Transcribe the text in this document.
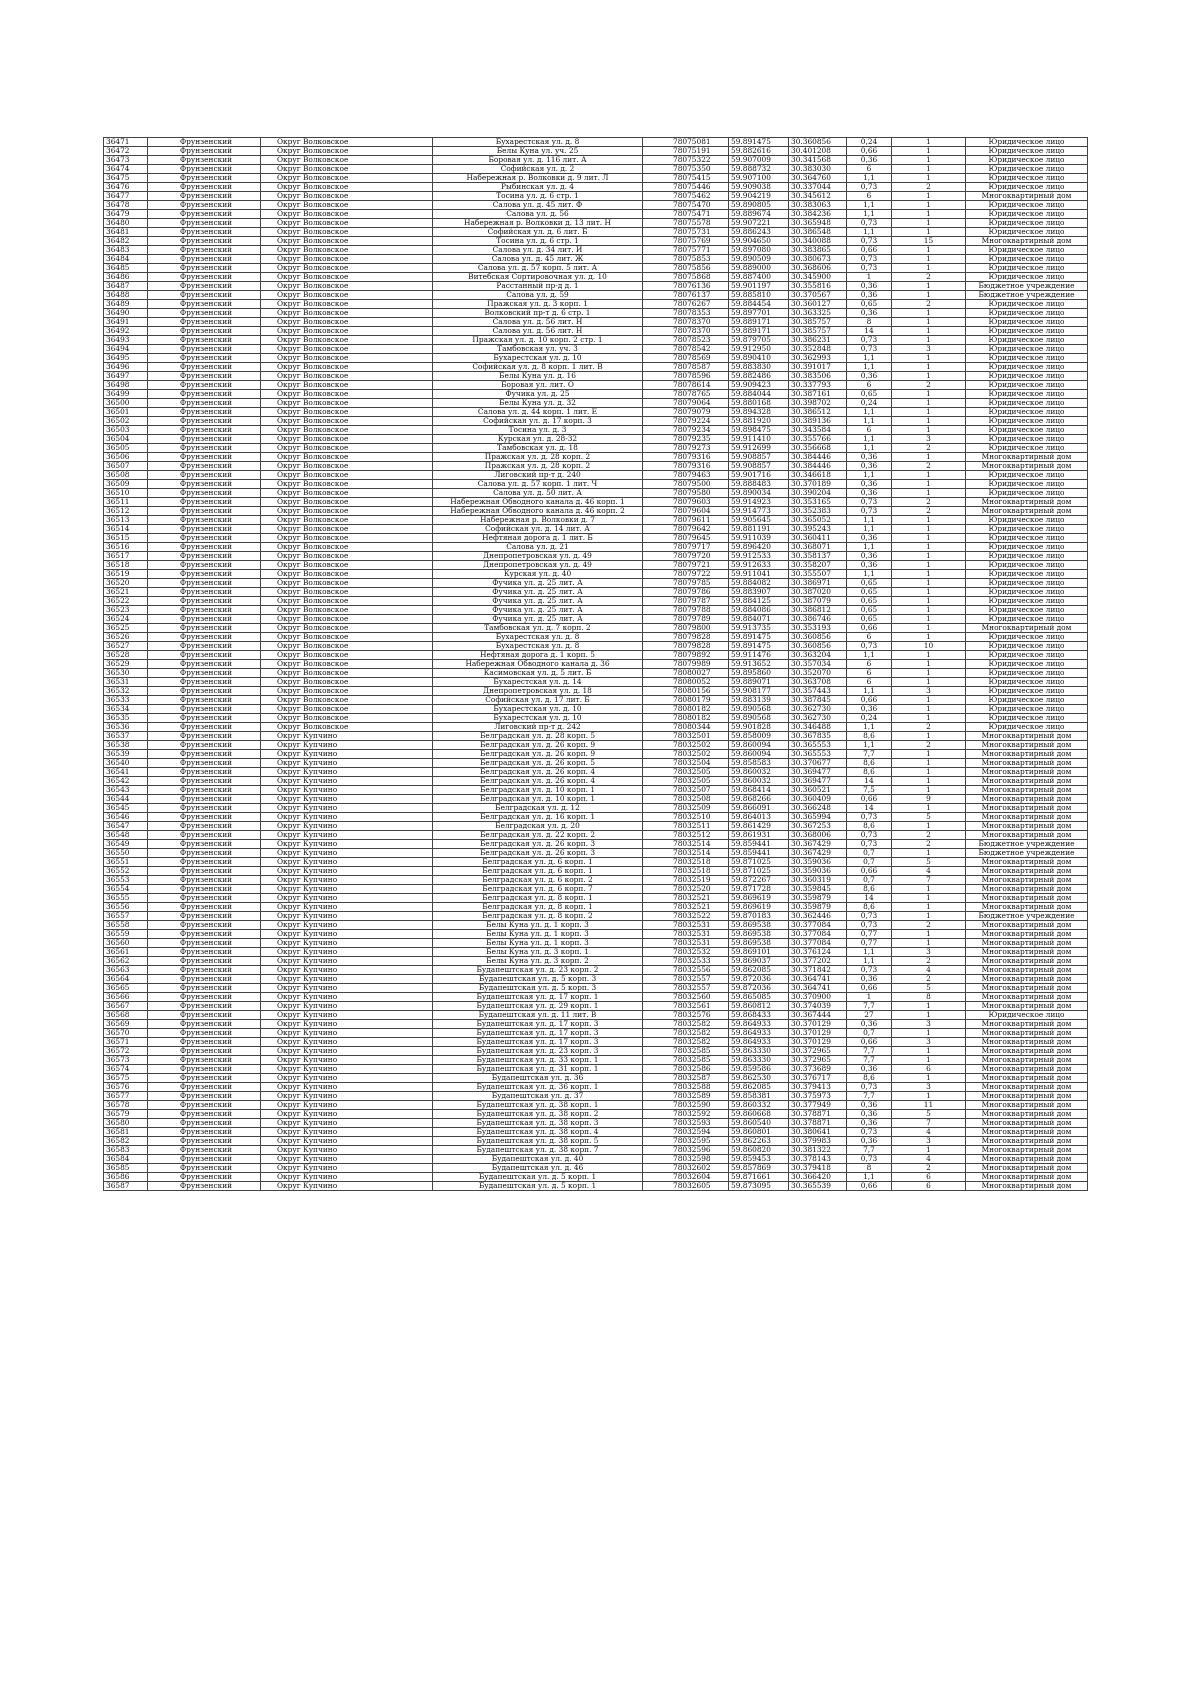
36471	Фрунзенский	Округ Волковское	Бухарестская ул. д. 8	78075081	59.891475	30.360856	0,24	1	Юридическое лицо
36472	Фрунзенский	Округ Волковское	Белы Куна ул. уч. 25	78075191	59.882616	30.401208	0,66	1	Юридическое лицо
36473	Фрунзенский	Округ Волковское	Боровая ул. д. 116 лит. А	78075322	59.907009	30.341568	0,36	1	Юридическое лицо
36474	Фрунзенский	Округ Волковское	Софийская ул. д. 2	78075350	59.888732	30.383030	6	1	Юридическое лицо
36475	Фрунзенский	Округ Волковское	Набережная р. Волковки д. 9 лит. Л	78075415	59.907100	30.364760	1,1	1	Юридическое лицо
36476	Фрунзенский	Округ Волковское	Рыбинская ул. д. 4	78075446	59.909038	30.337044	0,73	2	Юридическое лицо
36477	Фрунзенский	Округ Волковское	Тосина ул. д. 6 стр. 1	78075462	59.904219	30.345612	6	1	Многоквартирный дом
36478	Фрунзенский	Округ Волковское	Салова ул. д. 45 лит. Ф	78075470	59.890805	30.383063	1,1	1	Юридическое лицо
36479	Фрунзенский	Округ Волковское	Салова ул. д. 56	78075471	59.889674	30.384236	1,1	1	Юридическое лицо
36480	Фрунзенский	Округ Волковское	Набережная р. Волковки д. 13 лит. Н	78075578	59.907221	30.365948	0,73	1	Юридическое лицо
36481	Фрунзенский	Округ Волковское	Софийская ул. д. 6 лит. Б	78075731	59.886243	30.386548	1,1	1	Юридическое лицо
36482	Фрунзенский	Округ Волковское	Тосина ул. д. 6 стр. 1	78075769	59.904650	30.340088	0,73	15	Многоквартирный дом
36483	Фрунзенский	Округ Волковское	Салова ул. д. 34 лит. И	78075771	59.897080	30.383865	0,66	1	Юридическое лицо
36484	Фрунзенский	Округ Волковское	Салова ул. д. 45 лит. Ж	78075853	59.890509	30.380673	0,73	1	Юридическое лицо
36485	Фрунзенский	Округ Волковское	Салова ул. д. 57 корп. 5 лит. А	78075856	59.889000	30.368606	0,73	1	Юридическое лицо
36486	Фрунзенский	Округ Волковское	Витебская Сортировочная ул. д. 10	78075868	59.887400	30.345900	1	2	Юридическое лицо
36487	Фрунзенский	Округ Волковское	Расстанный пр-д д. 1	78076136	59.901197	30.355816	0,36	1	Бюджетное учреждение
36488	Фрунзенский	Округ Волковское	Салова ул. д. 59	78076137	59.885810	30.370567	0,36	1	Бюджетное учреждение
36489	Фрунзенский	Округ Волковское	Пражская ул. д. 3 корп. 1	78076267	59.884454	30.360127	0,65	2	Юридическое лицо
36490	Фрунзенский	Округ Волковское	Волковский пр-т д. 6 стр. 1	78078353	59.897701	30.363325	0,36	1	Юридическое лицо
36491	Фрунзенский	Округ Волковское	Салова ул. д. 56 лит. Н	78078370	59.889171	30.385757	8	1	Юридическое лицо
36492	Фрунзенский	Округ Волковское	Салова ул. д. 56 лит. Н	78078370	59.889171	30.385757	14	1	Юридическое лицо
36493	Фрунзенский	Округ Волковское	Пражская ул. д. 10 корп. 2 стр. 1	78078523	59.879705	30.386231	0,73	1	Юридическое лицо
36494	Фрунзенский	Округ Волковское	Тамбовская ул. уч. 3	78078542	59.912950	30.352848	0,73	3	Юридическое лицо
36495	Фрунзенский	Округ Волковское	Бухарестская ул. д. 10	78078569	59.890410	30.362993	1,1	1	Юридическое лицо
36496	Фрунзенский	Округ Волковское	Софийская ул. д. 8 корп. 1 лит. В	78078587	59.883830	30.391017	1,1	1	Юридическое лицо
36497	Фрунзенский	Округ Волковское	Белы Куна ул. д. 16	78078596	59.882486	30.383506	0,36	1	Юридическое лицо
36498	Фрунзенский	Округ Волковское	Боровая ул. лит. О	78078614	59.909423	30.337793	6	2	Юридическое лицо
36499	Фрунзенский	Округ Волковское	Фучика ул. д. 25	78078765	59.884044	30.387161	0,65	1	Юридическое лицо
36500	Фрунзенский	Округ Волковское	Белы Куна ул. д. 32	78079064	59.880168	30.398702	0,24	1	Юридическое лицо
36501	Фрунзенский	Округ Волковское	Салова ул. д. 44 корп. 1 лит. Е	78079079	59.894328	30.386512	1,1	1	Юридическое лицо
36502	Фрунзенский	Округ Волковское	Софийская ул. д. 17 корп. 3	78079224	59.881920	30.389136	1,1	1	Юридическое лицо
36503	Фрунзенский	Округ Волковское	Тосина ул. д. 3	78079234	59.898475	30.343584	6	1	Юридическое лицо
36504	Фрунзенский	Округ Волковское	Курская ул. д. 28-32	78079235	59.911410	30.355766	1,1	3	Юридическое лицо
36505	Фрунзенский	Округ Волковское	Тамбовская ул. д. 18	78079273	59.912699	30.356668	1,1	2	Юридическое лицо
36506	Фрунзенский	Округ Волковское	Пражская ул. д. 28 корп. 2	78079316	59.908857	30.384446	0,36	1	Многоквартирный дом
36507	Фрунзенский	Округ Волковское	Пражская ул. д. 28 корп. 2	78079316	59.908857	30.384446	0,36	2	Многоквартирный дом
36508	Фрунзенский	Округ Волковское	Лиговский пр-т д. 240	78079463	59.901716	30.346618	1,1	1	Юридическое лицо
36509	Фрунзенский	Округ Волковское	Салова ул. д. 57 корп. 1 лит. Ч	78079500	59.888483	30.370189	0,36	1	Юридическое лицо
36510	Фрунзенский	Округ Волковское	Салова ул. д. 50 лит. А	78079580	59.890034	30.390204	0,36	1	Юридическое лицо
36511	Фрунзенский	Округ Волковское	Набережная Обводного канала д. 46 корп. 1	78079603	59.914923	30.353165	0,73	2	Многоквартирный дом
36512	Фрунзенский	Округ Волковское	Набережная Обводного канала д. 46 корп. 2	78079604	59.914773	30.352383	0,73	2	Многоквартирный дом
36513	Фрунзенский	Округ Волковское	Набережная р. Волковки д. 7	78079611	59.905645	30.365052	1,1	1	Юридическое лицо
36514	Фрунзенский	Округ Волковское	Софийская ул. д. 14 лит. А	78079642	59.881191	30.395243	1,1	1	Юридическое лицо
36515	Фрунзенский	Округ Волковское	Нефтяная дорога д. 1 лит. Б	78079645	59.911039	30.360411	0,36	1	Юридическое лицо
36516	Фрунзенский	Округ Волковское	Салова ул. д. 21	78079717	59.896420	30.368071	1,1	1	Юридическое лицо
36517	Фрунзенский	Округ Волковское	Днепропетровская ул. д. 49	78079720	59.912533	30.358137	0,36	1	Юридическое лицо
36518	Фрунзенский	Округ Волковское	Днепропетровская ул. д. 49	78079721	59.912633	30.358207	0,36	1	Юридическое лицо
36519	Фрунзенский	Округ Волковское	Курская ул. д. 40	78079722	59.911041	30.355507	1,1	1	Юридическое лицо
36520	Фрунзенский	Округ Волковское	Фучика ул. д. 25 лит. А	78079785	59.884082	30.386971	0,65	1	Юридическое лицо
36521	Фрунзенский	Округ Волковское	Фучика ул. д. 25 лит. А	78079786	59.883907	30.387020	0,65	1	Юридическое лицо
36522	Фрунзенский	Округ Волковское	Фучика ул. д. 25 лит. А	78079787	59.884125	30.387079	0,65	1	Юридическое лицо
36523	Фрунзенский	Округ Волковское	Фучика ул. д. 25 лит. А	78079788	59.884086	30.386812	0,65	1	Юридическое лицо
36524	Фрунзенский	Округ Волковское	Фучика ул. д. 25 лит. А	78079789	59.884071	30.386746	0,65	1	Юридическое лицо
36525	Фрунзенский	Округ Волковское	Тамбовская ул. д. 7 корп. 2	78079800	59.913735	30.353193	0,66	1	Многоквартирный дом
36526	Фрунзенский	Округ Волковское	Бухарестская ул. д. 8	78079828	59.891475	30.360856	6	1	Юридическое лицо
36527	Фрунзенский	Округ Волковское	Бухарестская ул. д. 8	78079828	59.891475	30.360856	0,73	10	Юридическое лицо
36528	Фрунзенский	Округ Волковское	Нефтяная дорога д. 1 корп. 5	78079892	59.911476	30.363204	1,1	1	Юридическое лицо
36529	Фрунзенский	Округ Волковское	Набережная Обводного канала д. 36	78079989	59.913652	30.357034	6	1	Юридическое лицо
36530	Фрунзенский	Округ Волковское	Касимовская ул. д. 5 лит. Б	78080027	59.895860	30.352070	6	1	Юридическое лицо
36531	Фрунзенский	Округ Волковское	Бухарестская ул. д. 14	78080052	59.889071	30.363708	6	1	Юридическое лицо
36532	Фрунзенский	Округ Волковское	Днепропетровская ул. д. 18	78080156	59.908177	30.357443	1,1	3	Юридическое лицо
36533	Фрунзенский	Округ Волковское	Софийская ул. д. 17 лит. Б	78080179	59.883139	30.387845	0,66	1	Юридическое лицо
36534	Фрунзенский	Округ Волковское	Бухарестская ул. д. 10	78080182	59.890568	30.362730	0,36	1	Юридическое лицо
36535	Фрунзенский	Округ Волковское	Бухарестская ул. д. 10	78080182	59.890568	30.362730	0,24	1	Юридическое лицо
36536	Фрунзенский	Округ Волковское	Лиговский пр-т д. 242	78080344	59.901828	30.346488	1,1	2	Юридическое лицо
36537	Фрунзенский	Округ Купчино	Белградская ул. д. 28 корп. 5	78032501	59.858009	30.367835	8,6	1	Многоквартирный дом
36538	Фрунзенский	Округ Купчино	Белградская ул. д. 26 корп. 9	78032502	59.860094	30.365553	1,1	2	Многоквартирный дом
36539	Фрунзенский	Округ Купчино	Белградская ул. д. 26 корп. 9	78032502	59.860094	30.365553	7,7	1	Многоквартирный дом
36540	Фрунзенский	Округ Купчино	Белградская ул. д. 26 корп. 5	78032504	59.858583	30.370677	8,6	1	Многоквартирный дом
36541	Фрунзенский	Округ Купчино	Белградская ул. д. 26 корп. 4	78032505	59.860032	30.369477	8,6	1	Многоквартирный дом
36542	Фрунзенский	Округ Купчино	Белградская ул. д. 26 корп. 4	78032505	59.860032	30.369477	14	1	Многоквартирный дом
36543	Фрунзенский	Округ Купчино	Белградская ул. д. 10 корп. 1	78032507	59.868414	30.360521	7,5	1	Многоквартирный дом
36544	Фрунзенский	Округ Купчино	Белградская ул. д. 10 корп. 1	78032508	59.868266	30.360409	0,66	9	Многоквартирный дом
36545	Фрунзенский	Округ Купчино	Белградская ул. д. 12	78032509	59.866091	30.366248	14	1	Многоквартирный дом
36546	Фрунзенский	Округ Купчино	Белградская ул. д. 16 корп. 1	78032510	59.864013	30.365994	0,73	5	Многоквартирный дом
36547	Фрунзенский	Округ Купчино	Белградская ул. д. 20	78032511	59.861429	30.367253	8,6	1	Многоквартирный дом
36548	Фрунзенский	Округ Купчино	Белградская ул. д. 22 корп. 2	78032512	59.861931	30.368006	0,73	2	Многоквартирный дом
36549	Фрунзенский	Округ Купчино	Белградская ул. д. 26 корп. 3	78032514	59.859441	30.367429	0,73	2	Бюджетное учреждение
36550	Фрунзенский	Округ Купчино	Белградская ул. д. 26 корп. 3	78032514	59.859441	30.367429	0,7	1	Бюджетное учреждение
36551	Фрунзенский	Округ Купчино	Белградская ул. д. 6 корп. 1	78032518	59.871025	30.359036	0,7	5	Многоквартирный дом
36552	Фрунзенский	Округ Купчино	Белградская ул. д. 6 корп. 1	78032518	59.871025	30.359036	0,66	4	Многоквартирный дом
36553	Фрунзенский	Округ Купчино	Белградская ул. д. 6 корп. 2	78032519	59.872267	30.360319	0,7	7	Многоквартирный дом
36554	Фрунзенский	Округ Купчино	Белградская ул. д. 6 корп. 7	78032520	59.871728	30.359845	8,6	1	Многоквартирный дом
36555	Фрунзенский	Округ Купчино	Белградская ул. д. 8 корп. 1	78032521	59.869619	30.359879	14	1	Многоквартирный дом
36556	Фрунзенский	Округ Купчино	Белградская ул. д. 8 корп. 1	78032521	59.869619	30.359879	8,6	1	Многоквартирный дом
36557	Фрунзенский	Округ Купчино	Белградская ул. д. 8 корп. 2	78032522	59.870183	30.362446	0,73	1	Бюджетное учреждение
36558	Фрунзенский	Округ Купчино	Белы Куна ул. д. 1 корп. 3	78032531	59.869538	30.377084	0,73	2	Многоквартирный дом
36559	Фрунзенский	Округ Купчино	Белы Куна ул. д. 1 корп. 3	78032531	59.869538	30.377084	0,77	1	Многоквартирный дом
36560	Фрунзенский	Округ Купчино	Белы Куна ул. д. 1 корп. 3	78032531	59.869538	30.377084	0,77	1	Многоквартирный дом
36561	Фрунзенский	Округ Купчино	Белы Куна ул. д. 3 корп. 1	78032532	59.869101	30.376124	1,1	3	Многоквартирный дом
36562	Фрунзенский	Округ Купчино	Белы Куна ул. д. 3 корп. 2	78032533	59.869037	30.377202	1,1	2	Многоквартирный дом
36563	Фрунзенский	Округ Купчино	Будапештская ул. д. 23 корп. 2	78032556	59.862085	30.371842	0,73	4	Многоквартирный дом
36564	Фрунзенский	Округ Купчино	Будапештская ул. д. 5 корп. 3	78032557	59.872036	30.364741	0,36	2	Многоквартирный дом
36565	Фрунзенский	Округ Купчино	Будапештская ул. д. 5 корп. 3	78032557	59.872036	30.364741	0,66	5	Многоквартирный дом
36566	Фрунзенский	Округ Купчино	Будапештская ул. д. 17 корп. 1	78032560	59.865085	30.370900	1	8	Многоквартирный дом
36567	Фрунзенский	Округ Купчино	Будапештская ул. д. 29 корп. 1	78032561	59.860812	30.374039	7,7	1	Многоквартирный дом
36568	Фрунзенский	Округ Купчино	Будапештская ул. д. 11 лит. В	78032576	59.868433	30.367444	27	1	Юридическое лицо
36569	Фрунзенский	Округ Купчино	Будапештская ул. д. 17 корп. 3	78032582	59.864933	30.370129	0,36	3	Многоквартирный дом
36570	Фрунзенский	Округ Купчино	Будапештская ул. д. 17 корп. 3	78032582	59.864933	30.370129	0,7	1	Многоквартирный дом
36571	Фрунзенский	Округ Купчино	Будапештская ул. д. 17 корп. 3	78032582	59.864933	30.370129	0,66	3	Многоквартирный дом
36572	Фрунзенский	Округ Купчино	Будапештская ул. д. 23 корп. 3	78032585	59.863330	30.372965	7,7	1	Многоквартирный дом
36573	Фрунзенский	Округ Купчино	Будапештская ул. д. 33 корп. 1	78032585	59.863330	30.372965	7,7	1	Многоквартирный дом
36574	Фрунзенский	Округ Купчино	Будапештская ул. д. 31 корп. 1	78032586	59.859586	30.373689	0,36	6	Многоквартирный дом
36575	Фрунзенский	Округ Купчино	Будапештская ул. д. 36	78032587	59.862530	30.376717	8,6	1	Многоквартирный дом
36576	Фрунзенский	Округ Купчино	Будапештская ул. д. 36 корп. 1	78032588	59.862085	30.379413	0,73	3	Многоквартирный дом
36577	Фрунзенский	Округ Купчино	Будапештская ул. д. 37	78032589	59.858381	30.375973	7,7	1	Многоквартирный дом
36578	Фрунзенский	Округ Купчино	Будапештская ул. д. 38 корп. 1	78032590	59.860332	30.377949	0,36	11	Многоквартирный дом
36579	Фрунзенский	Округ Купчино	Будапештская ул. д. 38 корп. 2	78032592	59.860668	30.378871	0,36	5	Многоквартирный дом
36580	Фрунзенский	Округ Купчино	Будапештская ул. д. 38 корп. 3	78032593	59.860540	30.378871	0,36	7	Многоквартирный дом
36581	Фрунзенский	Округ Купчино	Будапештская ул. д. 38 корп. 4	78032594	59.860801	30.380641	0,73	4	Многоквартирный дом
36582	Фрунзенский	Округ Купчино	Будапештская ул. д. 38 корп. 5	78032595	59.862263	30.379983	0,36	3	Многоквартирный дом
36583	Фрунзенский	Округ Купчино	Будапештская ул. д. 38 корп. 7	78032596	59.860820	30.381322	7,7	1	Многоквартирный дом
36584	Фрунзенский	Округ Купчино	Будапештская ул. д. 40	78032598	59.859453	30.378143	0,73	4	Многоквартирный дом
36585	Фрунзенский	Округ Купчино	Будапештская ул. д. 46	78032602	59.857869	30.379418	8	2	Многоквартирный дом
36586	Фрунзенский	Округ Купчино	Будапештская ул. д. 5 корп. 1	78032604	59.871661	30.366420	1,1	6	Многоквартирный дом
36587	Фрунзенский	Округ Купчино	Будапештская ул. д. 5 корп. 1	78032605	59.873095	30.365539	0,66	6	Многоквартирный дом
